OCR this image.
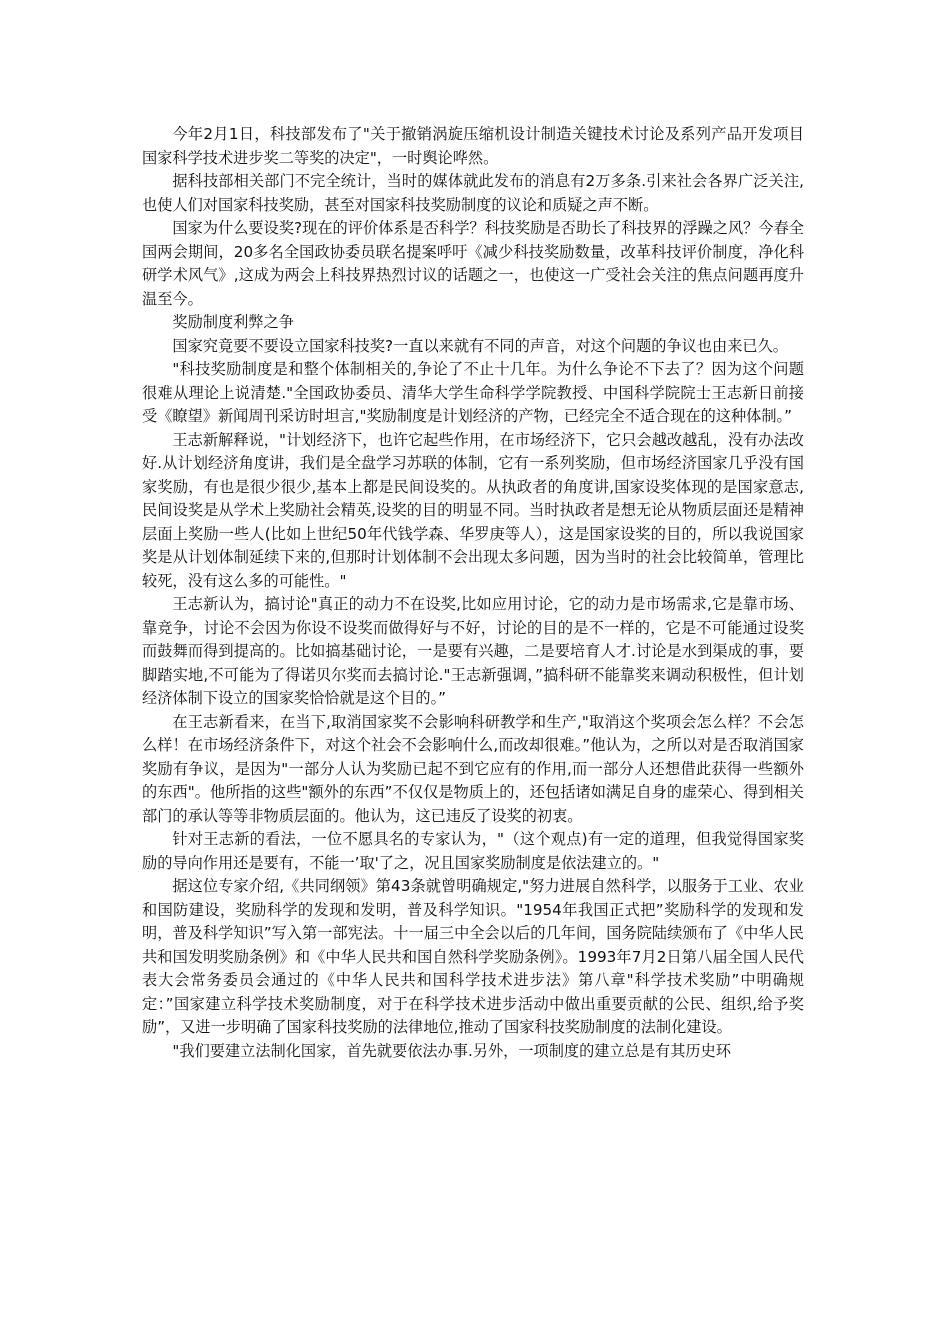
今年2月1日，科技部发布了"关于撤销涡旋压缩机设计制造关键技术讨论及系列产品开发项目国家科学技术进步奖二等奖的决定"，一时舆论哗然。

据科技部相关部门不完全统计，当时的媒体就此发布的消息有2万多条.引来社会各界广泛关注,也使人们对国家科技奖励，甚至对国家科技奖励制度的议论和质疑之声不断。

国家为什么要设奖?现在的评价体系是否科学？科技奖励是否助长了科技界的浮躁之风？今春全国两会期间，20多名全国政协委员联名提案呼吁《减少科技奖励数量，改革科技评价制度，净化科研学术风气》,这成为两会上科技界热烈讨议的话题之一，也使这一广受社会关注的焦点问题再度升温至今。

奖励制度利弊之争

国家究竟要不要设立国家科技奖?一直以来就有不同的声音，对这个问题的争议也由来已久。

"科技奖励制度是和整个体制相关的,争论了不止十几年。为什么争论不下去了？因为这个问题很难从理论上说清楚."全国政协委员、清华大学生命科学学院教授、中国科学院院士王志新日前接受《瞭望》新闻周刊采访时坦言,"奖励制度是计划经济的产物，已经完全不适合现在的这种体制。”

王志新解释说，"计划经济下，也许它起些作用，在市场经济下，它只会越改越乱，没有办法改好.从计划经济角度讲，我们是全盘学习苏联的体制，它有一系列奖励，但市场经济国家几乎没有国家奖励，有也是很少很少,基本上都是民间设奖的。从执政者的角度讲,国家设奖体现的是国家意志,民间设奖是从学术上奖励社会精英,设奖的目的明显不同。当时执政者是想无论从物质层面还是精神层面上奖励一些人(比如上世纪50年代钱学森、华罗庚等人），这是国家设奖的目的，所以我说国家奖是从计划体制延续下来的,但那时计划体制不会出现太多问题，因为当时的社会比较简单，管理比较死，没有这么多的可能性。"

王志新认为，搞讨论"真正的动力不在设奖,比如应用讨论，它的动力是市场需求,它是靠市场、靠竞争，讨论不会因为你设不设奖而做得好与不好，讨论的目的是不一样的，它是不可能通过设奖而鼓舞而得到提高的。比如搞基础讨论，一是要有兴趣，二是要培育人才.讨论是水到渠成的事，要脚踏实地,不可能为了得诺贝尔奖而去搞讨论."王志新强调，”搞科研不能靠奖来调动积极性，但计划经济体制下设立的国家奖恰恰就是这个目的。”

在王志新看来，在当下,取消国家奖不会影响科研教学和生产,"取消这个奖项会怎么样？不会怎么样！在市场经济条件下，对这个社会不会影响什么,而改却很难。”他认为，之所以对是否取消国家奖励有争议，是因为"一部分人认为奖励已起不到它应有的作用,而一部分人还想借此获得一些额外的东西"。他所指的这些"额外的东西”不仅仅是物质上的，还包括诸如满足自身的虚荣心、得到相关部门的承认等等非物质层面的。他认为，这已违反了设奖的初衷。

针对王志新的看法，一位不愿具名的专家认为，"（这个观点)有一定的道理，但我觉得国家奖励的导向作用还是要有，不能一’取'了之，况且国家奖励制度是依法建立的。"

据这位专家介绍,《共同纲领》第43条就曾明确规定,"努力进展自然科学，以服务于工业、农业和国防建设，奖励科学的发现和发明，普及科学知识。"1954年我国正式把”奖励科学的发现和发明，普及科学知识”写入第一部宪法。十一届三中全会以后的几年间，国务院陆续颁布了《中华人民共和国发明奖励条例》和《中华人民共和国自然科学奖励条例》。1993年7月2日第八届全国人民代表大会常务委员会通过的《中华人民共和国科学技术进步法》第八章"科学技术奖励”中明确规定：”国家建立科学技术奖励制度，对于在科学技术进步活动中做出重要贡献的公民、组织,给予奖励”，又进一步明确了国家科技奖励的法律地位,推动了国家科技奖励制度的法制化建设。

"我们要建立法制化国家，首先就要依法办事.另外，一项制度的建立总是有其历史环
